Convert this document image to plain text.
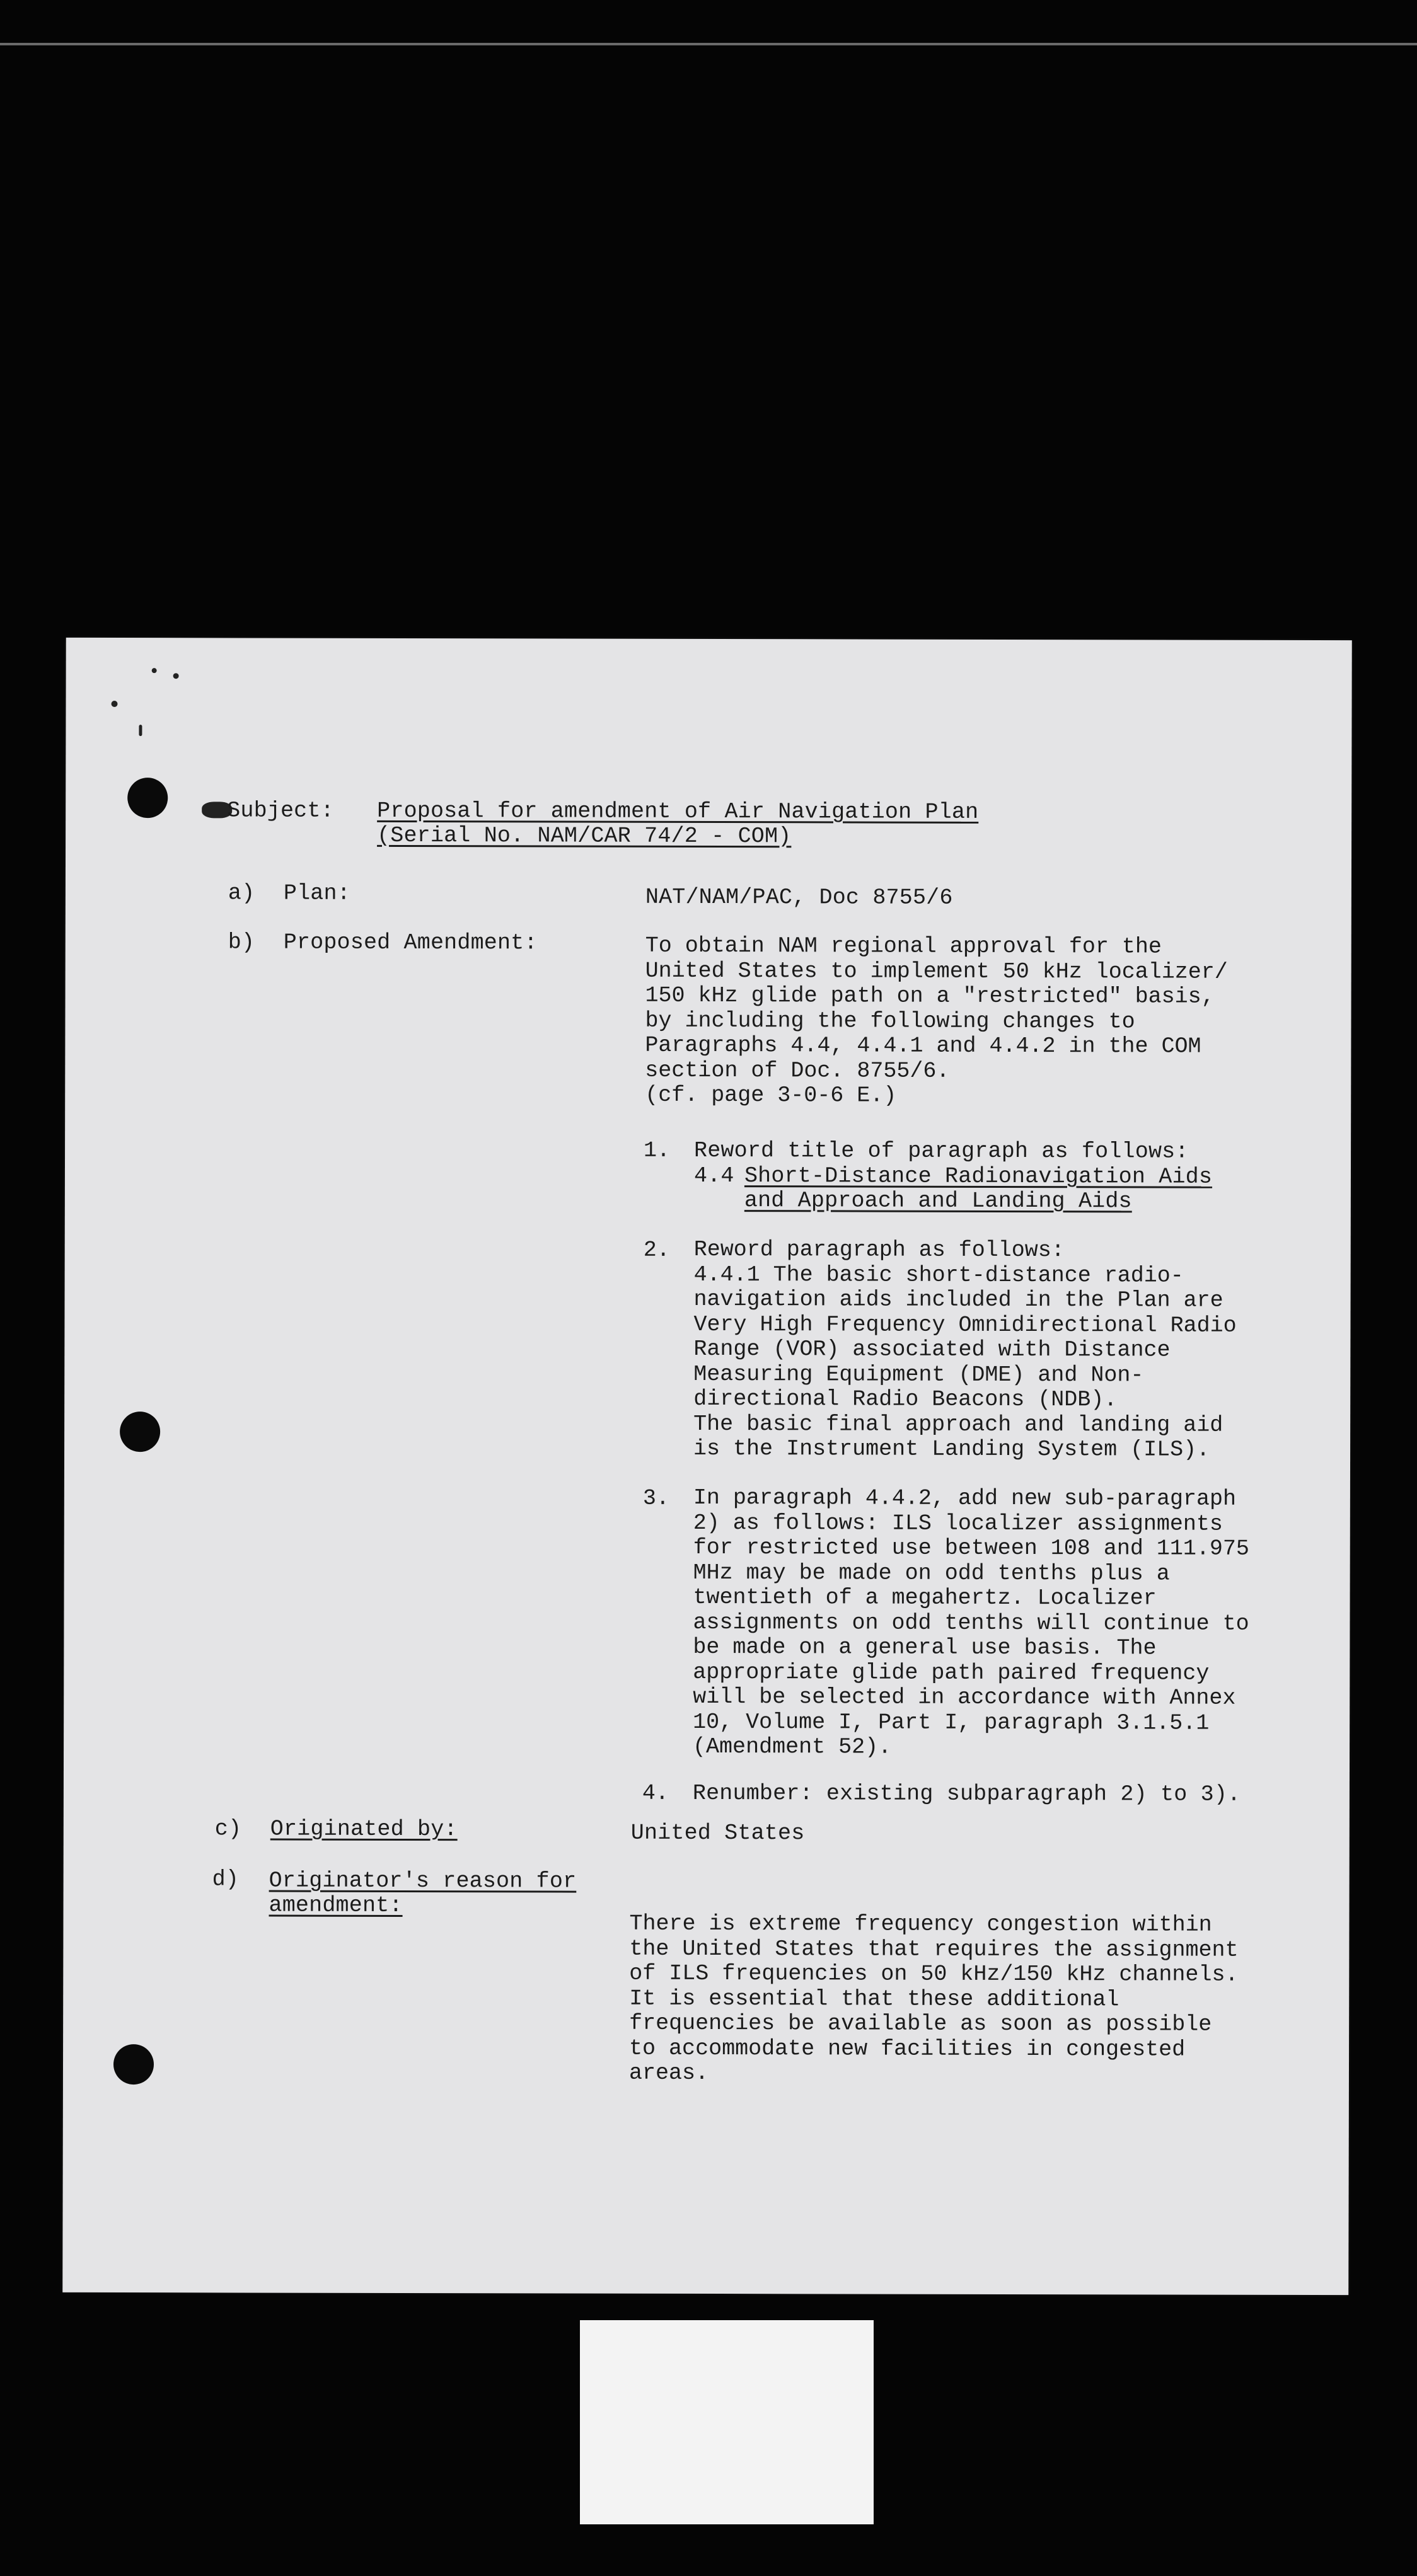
Subject: Proposal for amendment of Air Navigation Plan
(Serial No. NAM/CAR 74/2 - COM)
a) Plan:	NAT/NAM/PAC, Doc 8755/6
b) Proposed Amendment:	To obtain NAM regional approval for the
United States to implement 50 kHz localizer/
150 kHz glide path on a "restricted" basis,
by including the following changes to
Paragraphs 4.4, 4.4.1 and 4.4.2 in the COM
section of Doc. 8755/6.
(cf. page 3-0-6 E.)
1. Reword title of paragraph as follows:
4.4 Short-Distance Radionavigation Aids
and Approach and Landing Aids
2. Reword paragraph as follows:
4.4.1 The basic short-distance radio-
navigation aids included in the Plan are
Very High Frequency Omnidirectional Radio
Range (VOR) associated with Distance
Measuring Equipment (DME) and Non-
directional Radio Beacons (NDB).
The basic final approach and landing aid
is the Instrument Landing System (ILS).
3. In paragraph 4.4.2, add new sub-paragraph
2) as follows: ILS localizer assignments
for restricted use between 108 and 111.975
MHz may be made on odd tenths plus a
twentieth of a megahertz. Localizer
assignments on odd tenths will continue to
be made on a general use basis. The
appropriate glide path paired frequency
will be selected in accordance with Annex
10, Volume I, Part I, paragraph 3.1.5.1
(Amendment 52).
4. Renumber: existing subparagraph 2) to 3).
c) Originated by:	United States
d) Originator's reason for
amendment:
There is extreme frequency congestion within
the United States that requires the assignment
of ILS frequencies on 50 kHz/150 kHz channels.
It is essential that these additional
frequencies be available as soon as possible
to accommodate new facilities in congested
areas.
